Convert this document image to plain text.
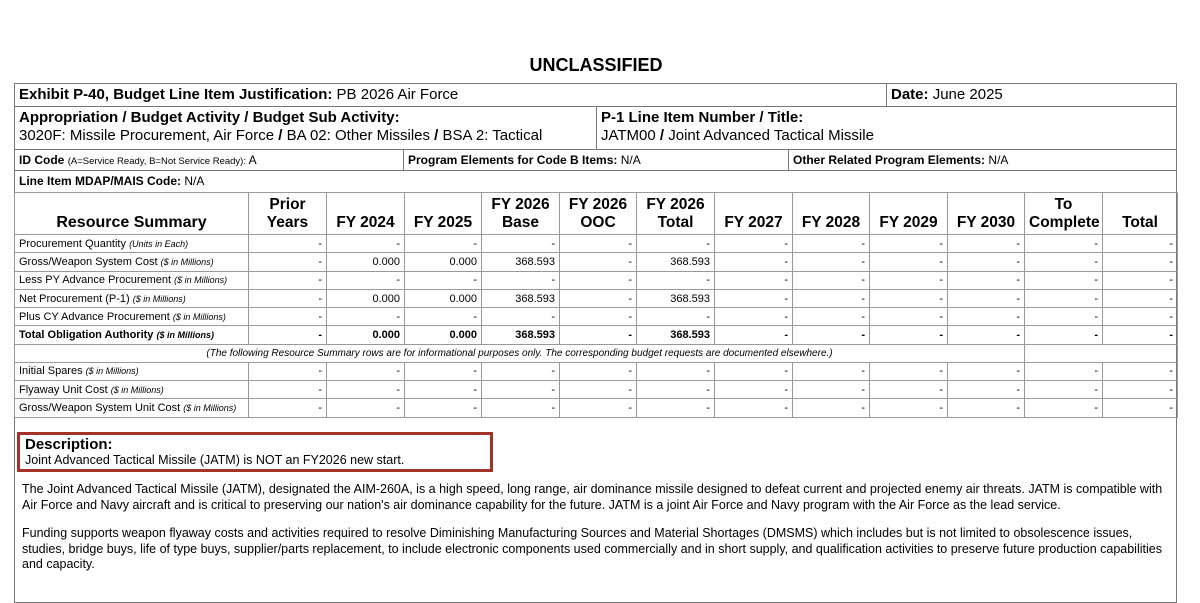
UNCLASSIFIED
Exhibit P-40, Budget Line Item Justification: PB 2026 Air Force	Date: June 2025
Appropriation / Budget Activity / Budget Sub Activity:
3020F: Missile Procurement, Air Force / BA 02: Other Missiles / BSA 2: Tactical
P-1 Line Item Number / Title:
JATM00 / Joint Advanced Tactical Missile
ID Code (A=Service Ready, B=Not Service Ready): A	Program Elements for Code B Items: N/A	Other Related Program Elements: N/A
Line Item MDAP/MAIS Code: N/A
Resource Summary	Prior Years	FY 2024	FY 2025	FY 2026 Base	FY 2026 OOC	FY 2026 Total	FY 2027	FY 2028	FY 2029	FY 2030	To Complete	Total
Procurement Quantity (Units in Each)	-	-	-	-	-	-	-	-	-	-	-	-
Gross/Weapon System Cost ($ in Millions)	-	0.000	0.000	368.593	-	368.593	-	-	-	-	-	-
Less PY Advance Procurement ($ in Millions)	-	-	-	-	-	-	-	-	-	-	-	-
Net Procurement (P-1) ($ in Millions)	-	0.000	0.000	368.593	-	368.593	-	-	-	-	-	-
Plus CY Advance Procurement ($ in Millions)	-	-	-	-	-	-	-	-	-	-	-	-
Total Obligation Authority ($ in Millions)	-	0.000	0.000	368.593	-	368.593	-	-	-	-	-	-
(The following Resource Summary rows are for informational purposes only. The corresponding budget requests are documented elsewhere.)												
Initial Spares ($ in Millions)	-	-	-	-	-	-	-	-	-	-	-	-
Flyaway Unit Cost ($ in Millions)	-	-	-	-	-	-	-	-	-	-	-	-
Gross/Weapon System Unit Cost ($ in Millions)	-	-	-	-	-	-	-	-	-	-	-	-
Description:
Joint Advanced Tactical Missile (JATM) is NOT an FY2026 new start.
The Joint Advanced Tactical Missile (JATM), designated the AIM-260A, is a high speed, long range, air dominance missile designed to defeat current and projected enemy air threats. JATM is compatible with Air Force and Navy aircraft and is critical to preserving our nation's air dominance capability for the future. JATM is a joint Air Force and Navy program with the Air Force as the lead service.
Funding supports weapon flyaway costs and activities required to resolve Diminishing Manufacturing Sources and Material Shortages (DMSMS) which includes but is not limited to obsolescence issues, studies, bridge buys, life of type buys, supplier/parts replacement, to include electronic components used commercially and in short supply, and qualification activities to preserve future production capabilities and capacity.
